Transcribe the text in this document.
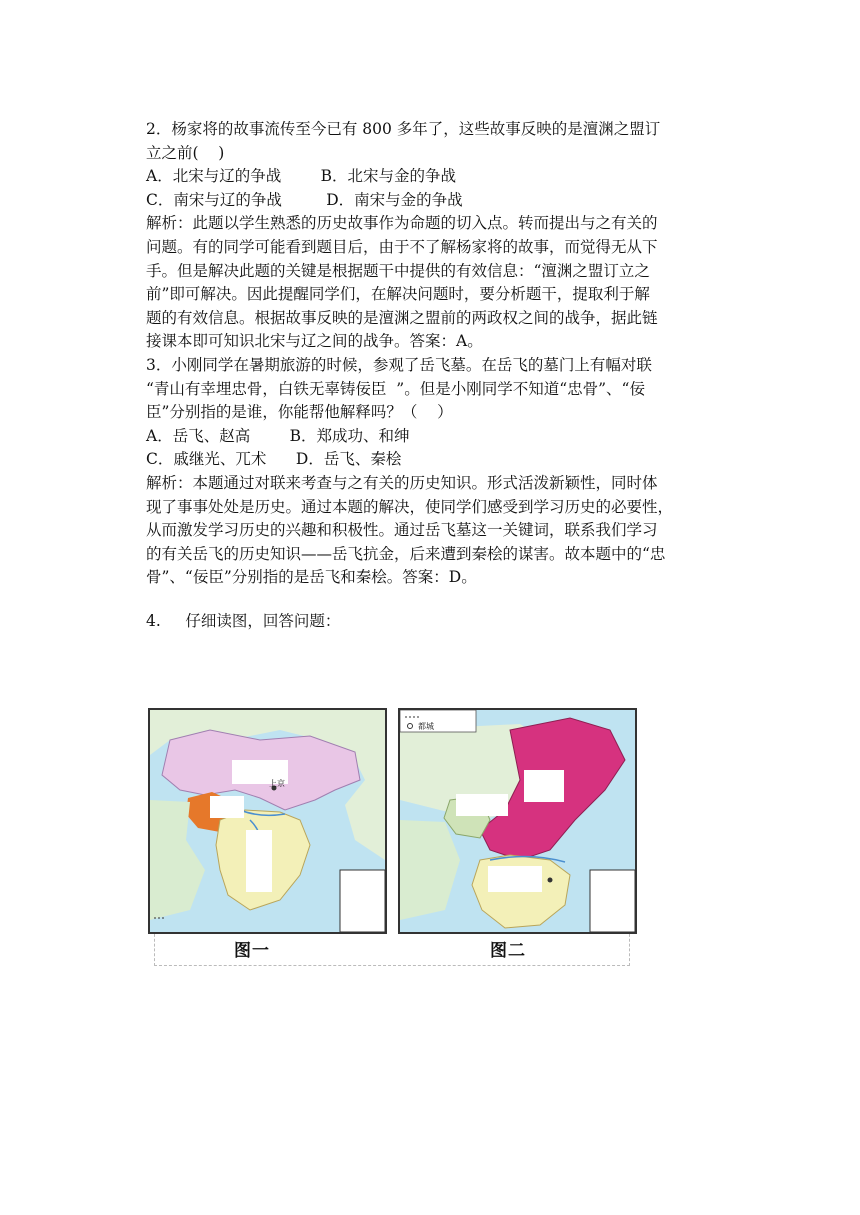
2．杨家将的故事流传至今已有 800 多年了，这些故事反映的是澶渊之盟订

立之前(    )

A．北宋与辽的争战        B．北宋与金的争战

C．南宋与辽的争战         D．南宋与金的争战

解析：此题以学生熟悉的历史故事作为命题的切入点。转而提出与之有关的

问题。有的同学可能看到题目后，由于不了解杨家将的故事，而觉得无从下

手。但是解决此题的关键是根据题干中提供的有效信息：“澶渊之盟订立之

前”即可解决。因此提醒同学们，在解决问题时，要分析题干，提取利于解

题的有效信息。根据故事反映的是澶渊之盟前的两政权之间的战争，据此链

接课本即可知识北宋与辽之间的战争。答案：A。

3．小刚同学在暑期旅游的时候，参观了岳飞墓。在岳飞的墓门上有幅对联

“青山有幸埋忠骨，白铁无辜铸佞臣  ”。但是小刚同学不知道“忠骨”、“佞

臣”分别指的是谁，你能帮他解释吗？（    ）

A．岳飞、赵高        B．郑成功、和绅

C．戚继光、兀术      D．岳飞、秦桧

解析：本题通过对联来考查与之有关的历史知识。形式活泼新颖性，同时体

现了事事处处是历史。通过本题的解决，使同学们感受到学习历史的必要性，

从而激发学习历史的兴趣和积极性。通过岳飞墓这一关键词，联系我们学习

的有关岳飞的历史知识——岳飞抗金，后来遭到秦桧的谋害。故本题中的“忠

骨”、“佞臣”分别指的是岳飞和秦桧。答案：D。

4.     仔细读图，回答问题：

上京
图一
都城
图二
